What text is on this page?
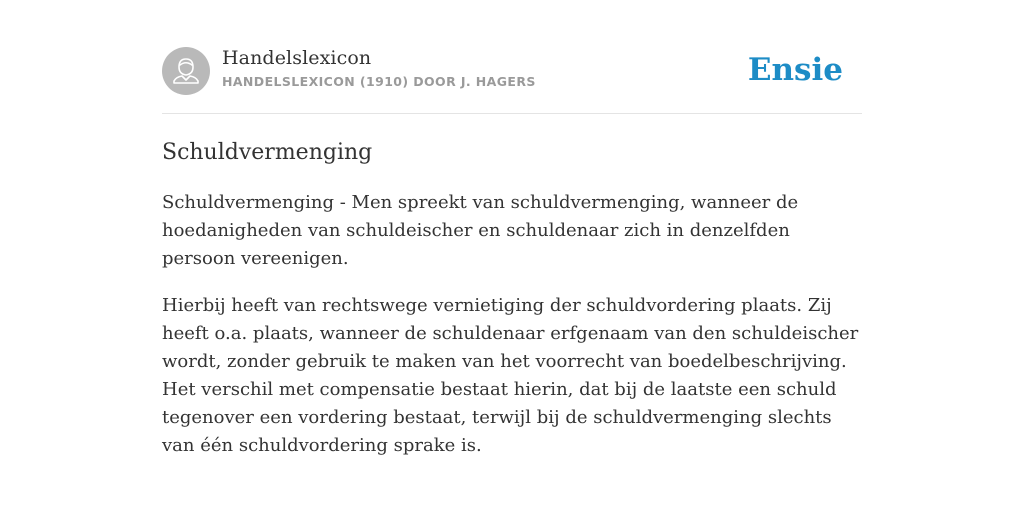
Handelslexicon
HANDELSLEXICON (1910) DOOR J. HAGERS	Ensie
Schuldvermenging

Schuldvermenging - Men spreekt van schuldvermenging, wanneer de hoedanigheden van schuldeischer en schuldenaar zich in denzelfden persoon vereenigen.

Hierbij heeft van rechtswege vernietiging der schuldvordering plaats. Zij heeft o.a. plaats, wanneer de schuldenaar erfgenaam van den schuldeischer wordt, zonder gebruik te maken van het voorrecht van boedelbeschrijving. Het verschil met compensatie bestaat hierin, dat bij de laatste een schuld tegenover een vordering bestaat, terwijl bij de schuldvermenging slechts van één schuldvordering sprake is.
